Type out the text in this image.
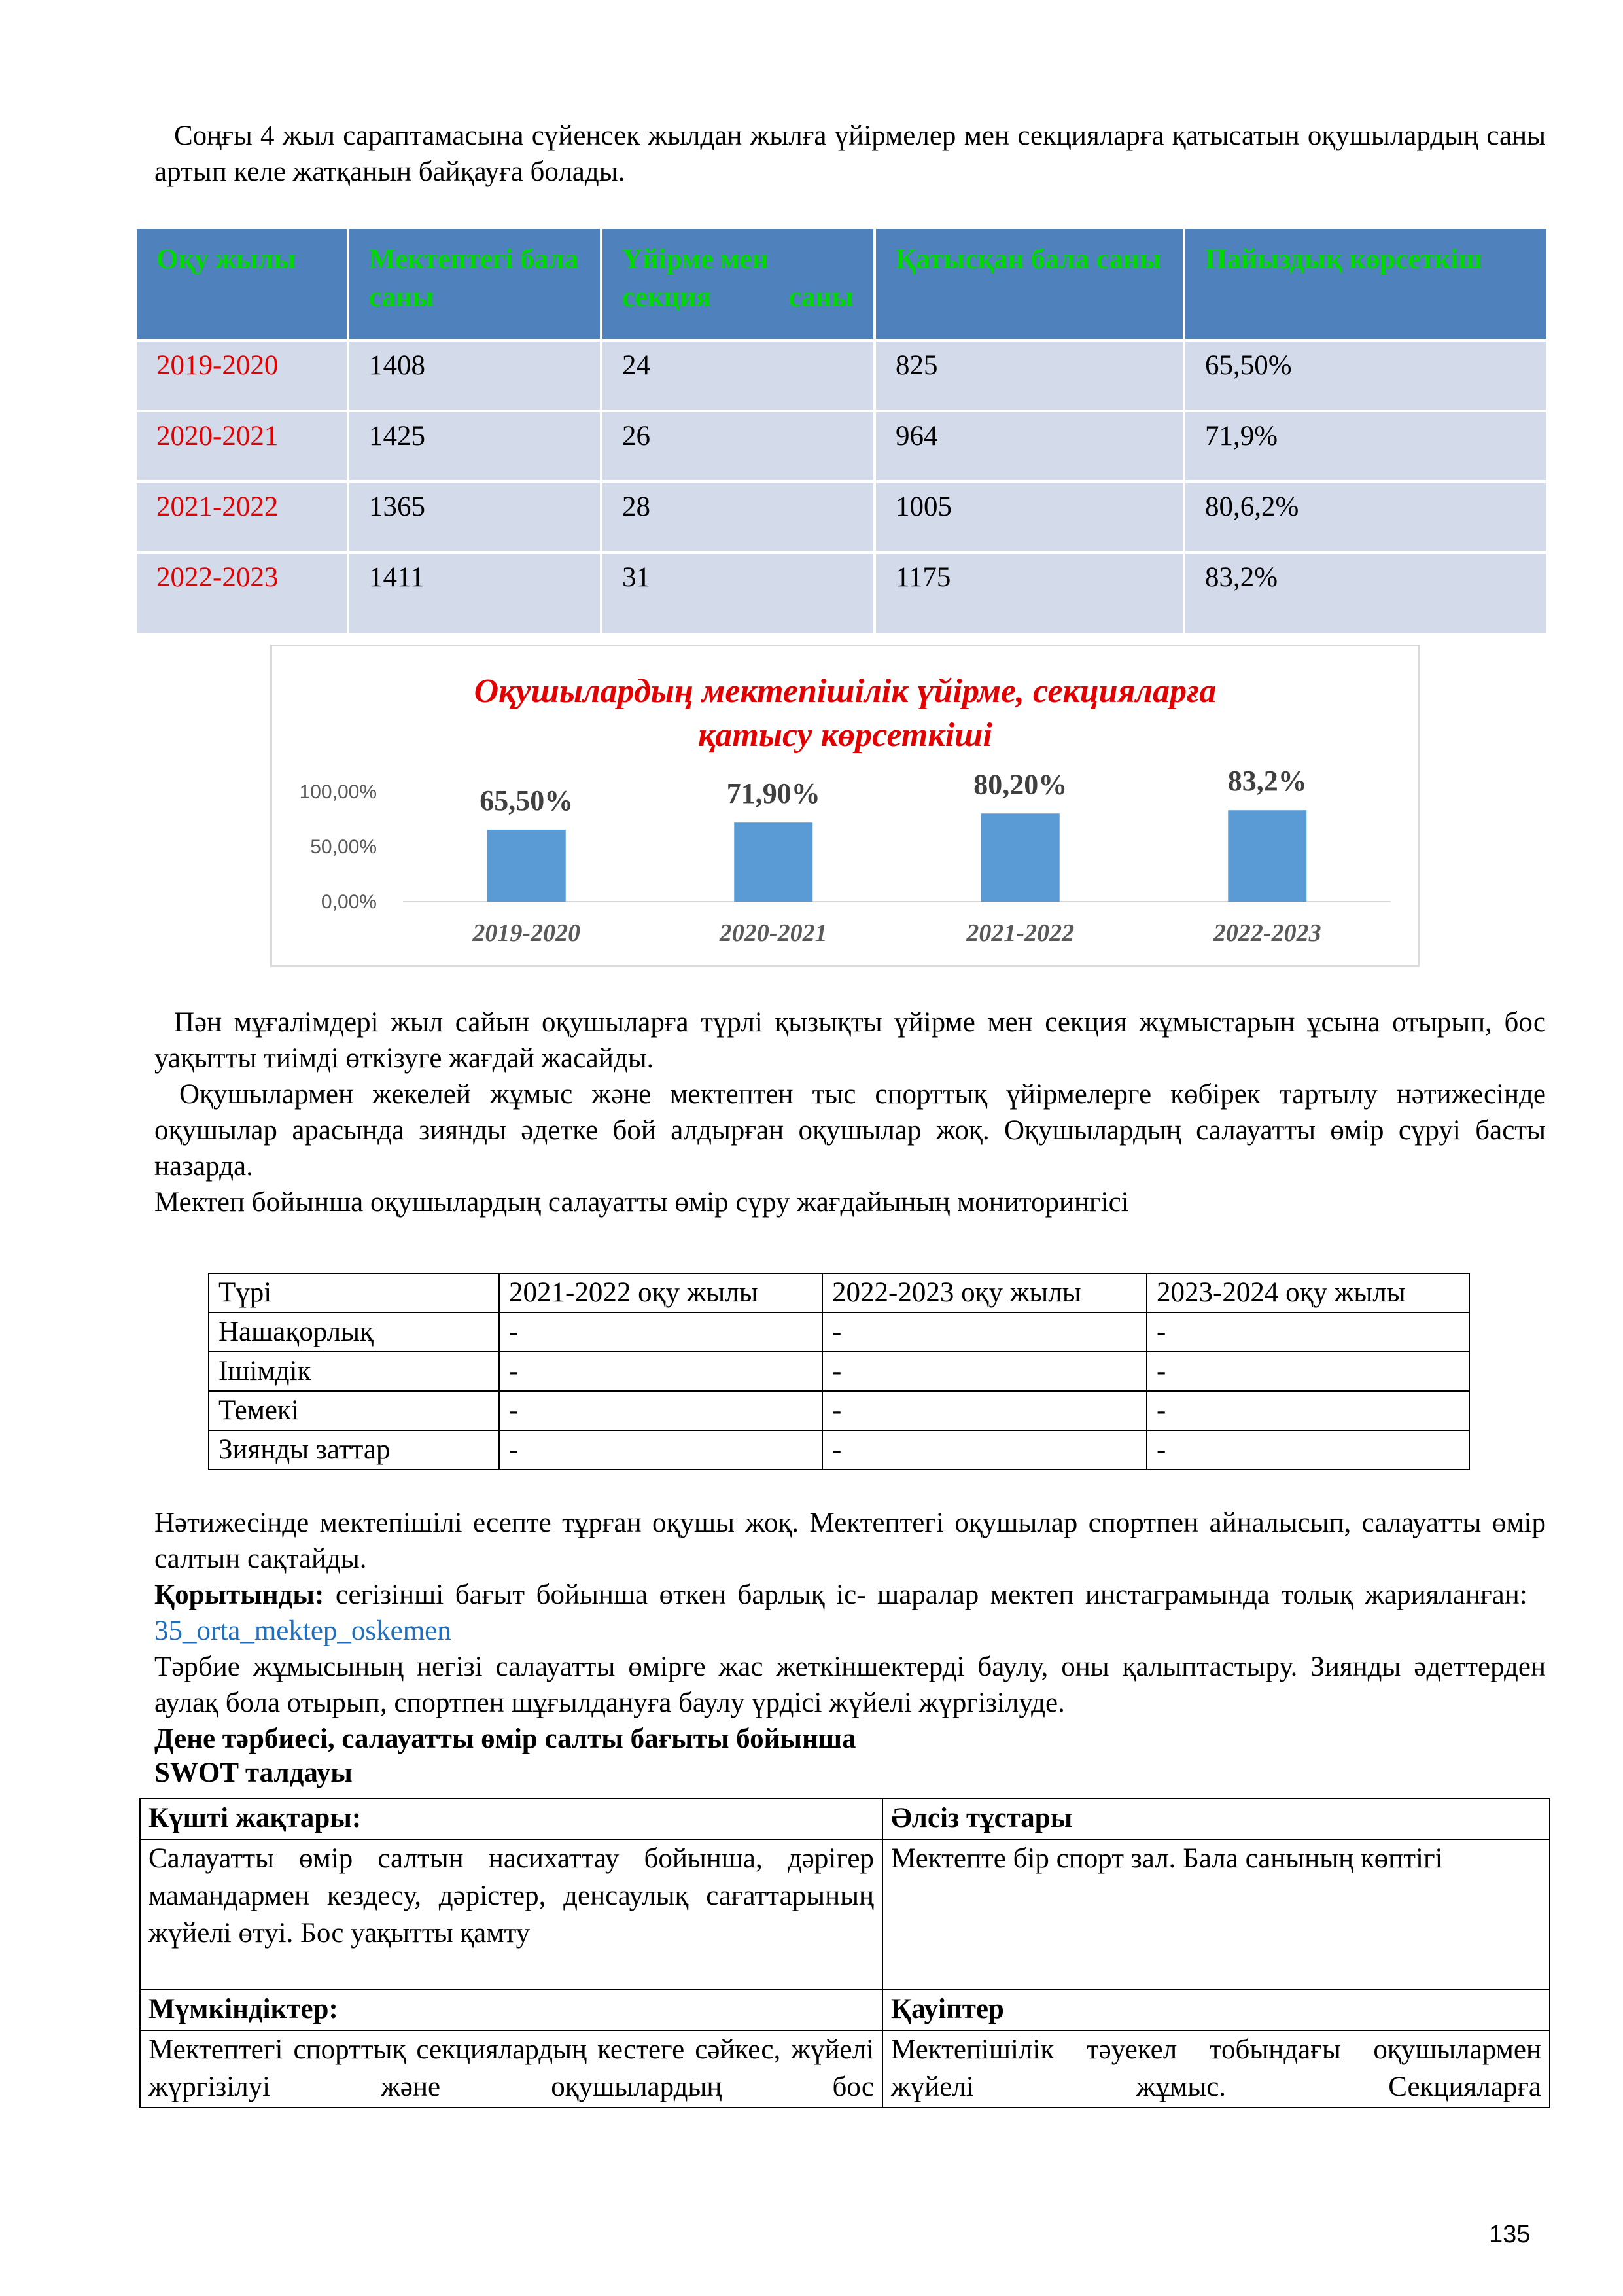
Соңғы 4 жыл сараптамасына сүйенсек жылдан жылға үйірмелер мен секцияларға қатысатын оқушылардың саны артып келе жатқанын байқауға болады.

Оқу жылы	Мектептегі бала саны	Үйірме мен секция саны	Қатысқан бала саны	Пайыздық көрсеткіш
2019-2020	1408	24	825	65,50%
2020-2021	1425	26	964	71,9%
2021-2022	1365	28	1005	80,6,2%
2022-2023	1411	31	1175	83,2%
Оқушылардың мектепішілік үйірме, секцияларға
қатысу көрсеткіші
0,00%
50,00%
100,00%	65,50%
2019-2020
71,90%
2020-2021
80,20%
2021-2022
83,2%
2022-2023

Пән мұғалімдері жыл сайын оқушыларға түрлі қызықты үйірме мен секция жұмыстарын ұсына отырып, бос уақытты тиімді өткізуге жағдай жасайды.

Оқушылармен жекелей жұмыс және мектептен тыс спорттық үйірмелерге көбірек тартылу нәтижесінде оқушылар арасында зиянды әдетке бой алдырған оқушылар жоқ. Оқушылардың салауатты өмір сүруі басты назарда.

Мектеп бойынша оқушылардың салауатты өмір сүру жағдайының мониторингісі

Түрі	2021-2022 оқу жылы	2022-2023 оқу жылы	2023-2024 оқу жылы
Нашақорлық	-	-	-
Ішімдік	-	-	-
Темекі	-	-	-
Зиянды заттар	-	-	-

Нәтижесінде мектепішілі есепте тұрған оқушы жоқ. Мектептегі оқушылар спортпен айналысып, салауатты өмір салтын сақтайды.

Қорытынды: сегізінші бағыт бойынша өткен барлық іс- шаралар мектеп инстаграмында толық жарияланған:   35_orta_mektep_oskemen

Тәрбие жұмысының негізі салауатты өмірге жас жеткіншектерді баулу, оны қалыптастыру. Зиянды әдеттерден аулақ бола отырып, спортпен шұғылдануға баулу үрдісі жүйелі жүргізілуде.

Дене тәрбиесі, салауатты өмір салты бағыты бойынша

SWOT талдауы

Күшті жақтары:	Әлсіз тұстары
Салауатты өмір салтын насихаттау бойынша, дәрігер мамандармен кездесу, дәрістер, денсаулық сағаттарының жүйелі өтуі. Бос уақытты қамту	Мектепте бір спорт зал. Бала санының көптігі
Мүмкіндіктер:	Қауіптер
Мектептегі спорттық секциялардың кестеге сәйкес, жүйелі жүргізілуі және оқушылардың бос	Мектепішілік тәуекел тобындағы оқушылармен жүйелі жұмыс. Секцияларға
135
